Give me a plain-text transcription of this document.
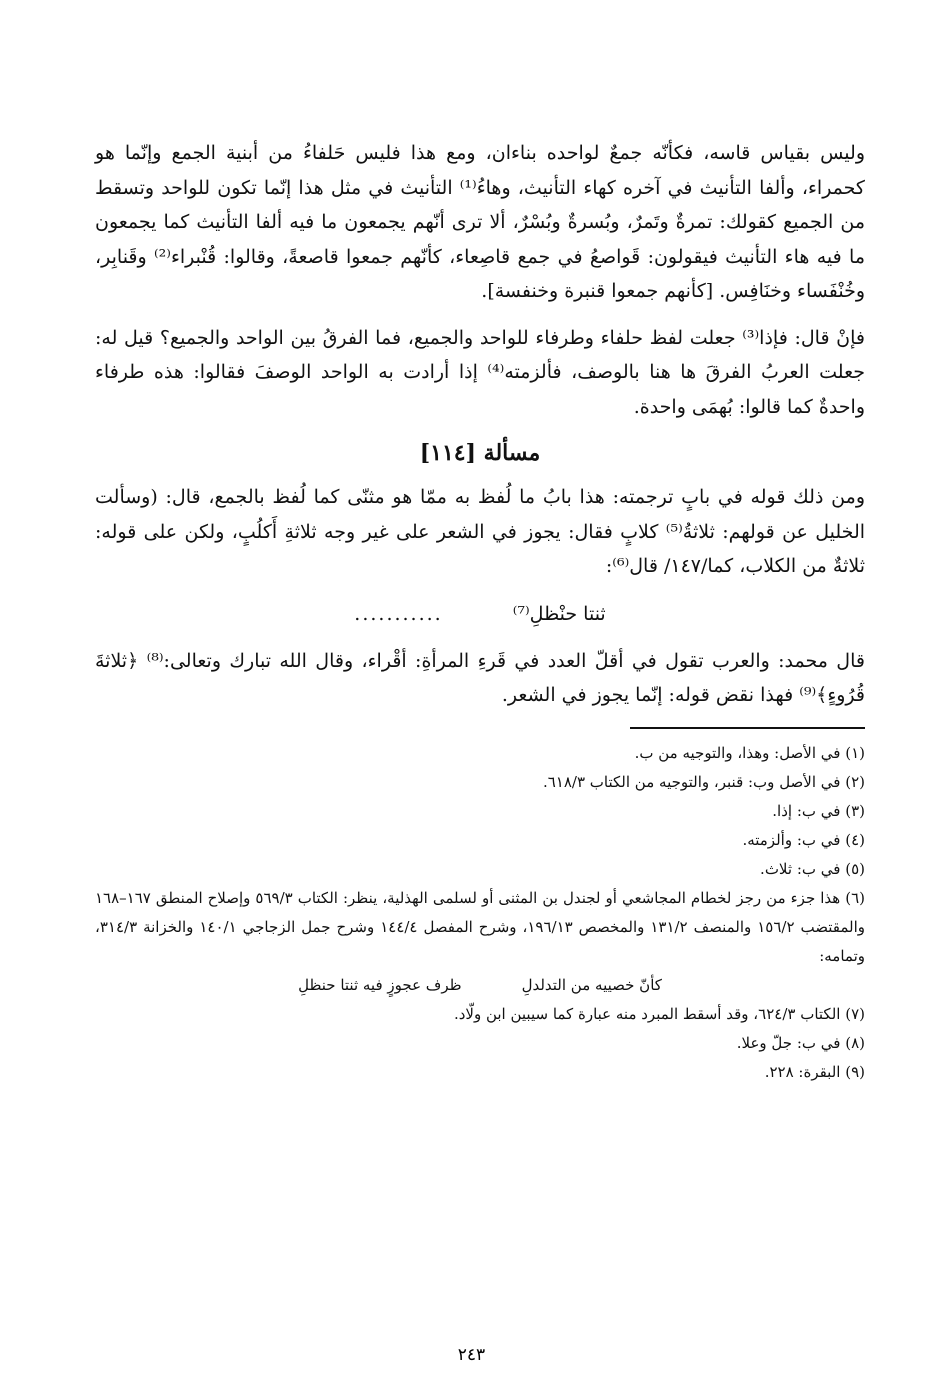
وليس بقياس قاسه، فكأنّه جمعٌ لواحده بناءان، ومع هذا فليس حَلفاءُ من أبنية الجمع وإنّما هو كحمراء، وألفا التأنيث في آخره كهاء التأنيث، وهاءُ⁽¹⁾ التأنيث في مثل هذا إنّما تكون للواحد وتسقط من الجميع كقولك: تمرةٌ وتَمرٌ، وبُسرةٌ وبُسْرٌ، ألا ترى أنّهم يجمعون ما فيه ألفا التأنيث كما يجمعون ما فيه هاء التأنيث فيقولون: قَواصعُ في جمع قاصِعاء، كأنّهم جمعوا قاصعةً، وقالوا: قُنْبراء⁽²⁾ وقَنابِر، وخُنْفَساء وخنَافِس. [كأنهم جمعوا قنبرة وخنفسة].

فإنْ قال: فإذا⁽³⁾ جعلت لفظ حلفاء وطرفاء للواحد والجميع، فما الفرقُ بين الواحد والجميع؟ قيل له: جعلت العربُ الفرقَ ها هنا بالوصف، فألزمته⁽⁴⁾ إذا أرادت به الواحد الوصفَ فقالوا: هذه طرفاء واحدةٌ كما قالوا: بُهمَى واحدة.

مسألة [١١٤]

ومن ذلك قوله في بابٍ ترجمته: هذا بابُ ما لُفظ به ممّا هو مثنّى كما لُفظ بالجمع، قال: (وسألت الخليل عن قولهم: ثلاثةُ⁽⁵⁾ كلابٍ فقال: يجوز في الشعر على غير وجه ثلاثةِ أَكلُبٍ، ولكن على قوله: ثلاثةٌ من الكلاب، كما/١٤٧/ قال⁽⁶⁾:

ثنتا حنْظلِ⁽⁷⁾
...........

قال محمد: والعرب تقول في أقلّ العدد في قَرءِ المرأةِ: أقْراء، وقال الله تبارك وتعالى:⁽⁸⁾ ﴿ثلاثةَ قُرُوءٍ﴾⁽⁹⁾ فهذا نقض قوله: إنّما يجوز في الشعر.

(١) في الأصل: وهذا، والتوجيه من ب.

(٢) في الأصل وب: قنبر، والتوجيه من الكتاب ٦١٨/٣.

(٣) في ب: إذا.

(٤) في ب: وألزمته.

(٥) في ب: ثلاث.

(٦) هذا جزء من رجز لخطام المجاشعي أو لجندل بن المثنى أو لسلمى الهذلية، ينظر: الكتاب ٥٦٩/٣ وإصلاح المنطق ١٦٧–١٦٨ والمقتضب ١٥٦/٢ والمنصف ١٣١/٢ والمخصص ١٩٦/١٣، وشرح المفصل ١٤٤/٤ وشرح جمل الزجاجي ١٤٠/١ والخزانة ٣١٤/٣، وتمامه:

كأنّ خصييه من التدلدلِ
ظرف عجوزٍ فيه ثنتا حنظلِ

(٧) الكتاب ٦٢٤/٣، وقد أسقط المبرد منه عبارة كما سيبين ابن ولّاد.

(٨) في ب: جلّ وعلا.

(٩) البقرة: ٢٢٨.

٢٤٣
